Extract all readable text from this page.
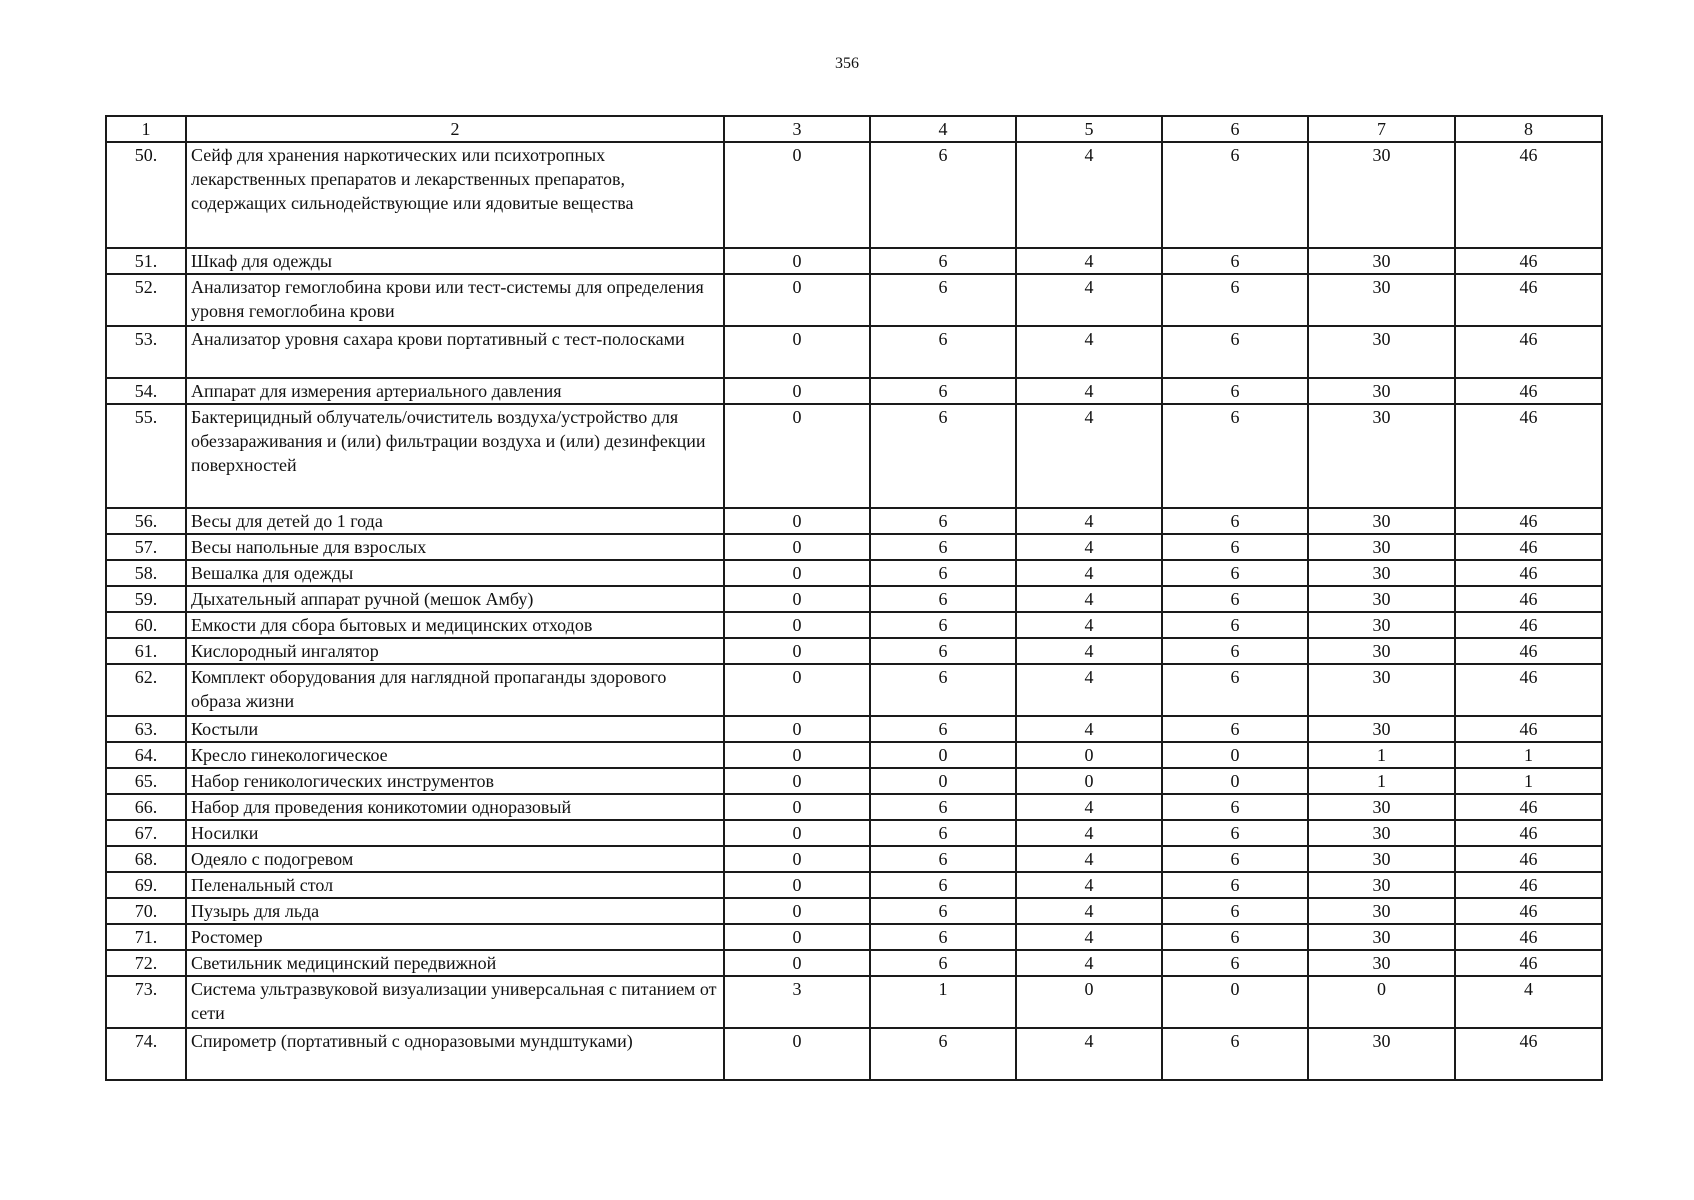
356
1	2	3	4	5	6	7	8
50.	Сейф для хранения наркотических или психотропных лекарственных препаратов и лекарственных препаратов, содержащих сильнодействующие или ядовитые вещества	0	6	4	6	30	46
51.	Шкаф для одежды	0	6	4	6	30	46
52.	Анализатор гемоглобина крови или тест-системы для определения уровня гемоглобина крови	0	6	4	6	30	46
53.	Анализатор уровня сахара крови портативный с тест-полосками	0	6	4	6	30	46
54.	Аппарат для измерения артериального давления	0	6	4	6	30	46
55.	Бактерицидный облучатель/очиститель воздуха/устройство для обеззараживания и (или) фильтрации воздуха и (или) дезинфекции поверхностей	0	6	4	6	30	46
56.	Весы для детей до 1 года	0	6	4	6	30	46
57.	Весы напольные для взрослых	0	6	4	6	30	46
58.	Вешалка для одежды	0	6	4	6	30	46
59.	Дыхательный аппарат ручной (мешок Амбу)	0	6	4	6	30	46
60.	Емкости для сбора бытовых и медицинских отходов	0	6	4	6	30	46
61.	Кислородный ингалятор	0	6	4	6	30	46
62.	Комплект оборудования для наглядной пропаганды здорового образа жизни	0	6	4	6	30	46
63.	Костыли	0	6	4	6	30	46
64.	Кресло гинекологическое	0	0	0	0	1	1
65.	Набор геникологических инструментов	0	0	0	0	1	1
66.	Набор для проведения коникотомии одноразовый	0	6	4	6	30	46
67.	Носилки	0	6	4	6	30	46
68.	Одеяло с подогревом	0	6	4	6	30	46
69.	Пеленальный стол	0	6	4	6	30	46
70.	Пузырь для льда	0	6	4	6	30	46
71.	Ростомер	0	6	4	6	30	46
72.	Светильник медицинский передвижной	0	6	4	6	30	46
73.	Система ультразвуковой визуализации универсальная с питанием от сети	3	1	0	0	0	4
74.	Спирометр (портативный с одноразовыми мундштуками)	0	6	4	6	30	46
